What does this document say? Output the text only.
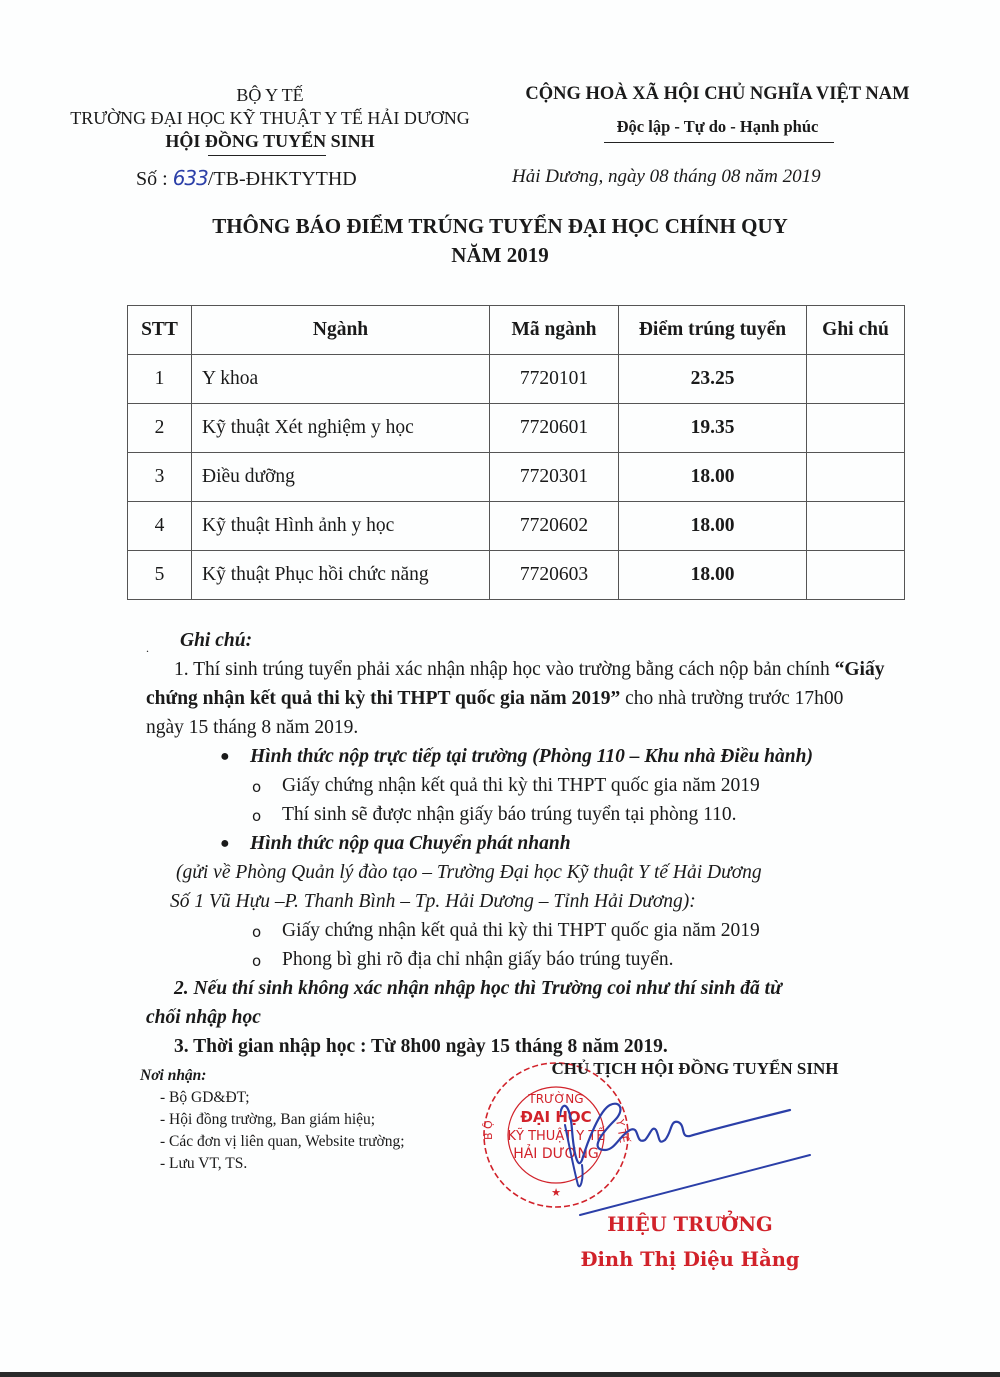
BỘ Y TẾ
TRƯỜNG ĐẠI HỌC KỸ THUẬT Y TẾ HẢI DƯƠNG
HỘI ĐỒNG TUYỂN SINH
Số : 633/TB-ĐHKTYTHD
CỘNG HOÀ XÃ HỘI CHỦ NGHĨA VIỆT NAM
Độc lập - Tự do - Hạnh phúc
Hải Dương, ngày 08 tháng 08 năm 2019
THÔNG BÁO ĐIỂM TRÚNG TUYỂN ĐẠI HỌC CHÍNH QUY
NĂM 2019
STT	Ngành	Mã ngành	Điểm trúng tuyển	Ghi chú
1	Y khoa	7720101	23.25	
2	Kỹ thuật Xét nghiệm y học	7720601	19.35	
3	Điều dưỡng	7720301	18.00	
4	Kỹ thuật Hình ảnh y học	7720602	18.00	
5	Kỹ thuật Phục hồi chức năng	7720603	18.00	
.	Ghi chú:

1. Thí sinh trúng tuyển phải xác nhận nhập học vào trường bằng cách nộp bản chính “Giấy chứng nhận kết quả thi kỳ thi THPT quốc gia năm 2019” cho nhà trường trước 17h00 ngày 15 tháng 8 năm 2019.

●	Hình thức nộp trực tiếp tại trường (Phòng 110 – Khu nhà Điều hành)

o	Giấy chứng nhận kết quả thi kỳ thi THPT quốc gia năm 2019

o	Thí sinh sẽ được nhận giấy báo trúng tuyển tại phòng 110.

●	Hình thức nộp qua Chuyển phát nhanh

(gửi về Phòng Quản lý đào tạo – Trường Đại học Kỹ thuật Y tế Hải Dương

Số 1 Vũ Hựu –P. Thanh Bình – Tp. Hải Dương – Tỉnh Hải Dương):

o	Giấy chứng nhận kết quả thi kỳ thi THPT quốc gia năm 2019

o	Phong bì ghi rõ địa chỉ nhận giấy báo trúng tuyển.

2. Nếu thí sinh không xác nhận nhập học thì Trường coi như thí sinh đã từ

chối nhập học

3. Thời gian nhập học : Từ 8h00 ngày 15 tháng 8 năm 2019.

Nơi nhận:
- Bộ GD&ĐT;
- Hội đồng trường, Ban giám hiệu;
- Các đơn vị liên quan, Website trường;
- Lưu VT, TS.
B Ộ	Y TẾ
TRƯỜNG
ĐẠI HỌC
KỸ THUẬT Y TẾ
HẢI DƯƠNG
★
CHỦ TỊCH HỘI ĐỒNG TUYỂN SINH
HIỆU TRƯỞNG
Đinh Thị Diệu Hằng
